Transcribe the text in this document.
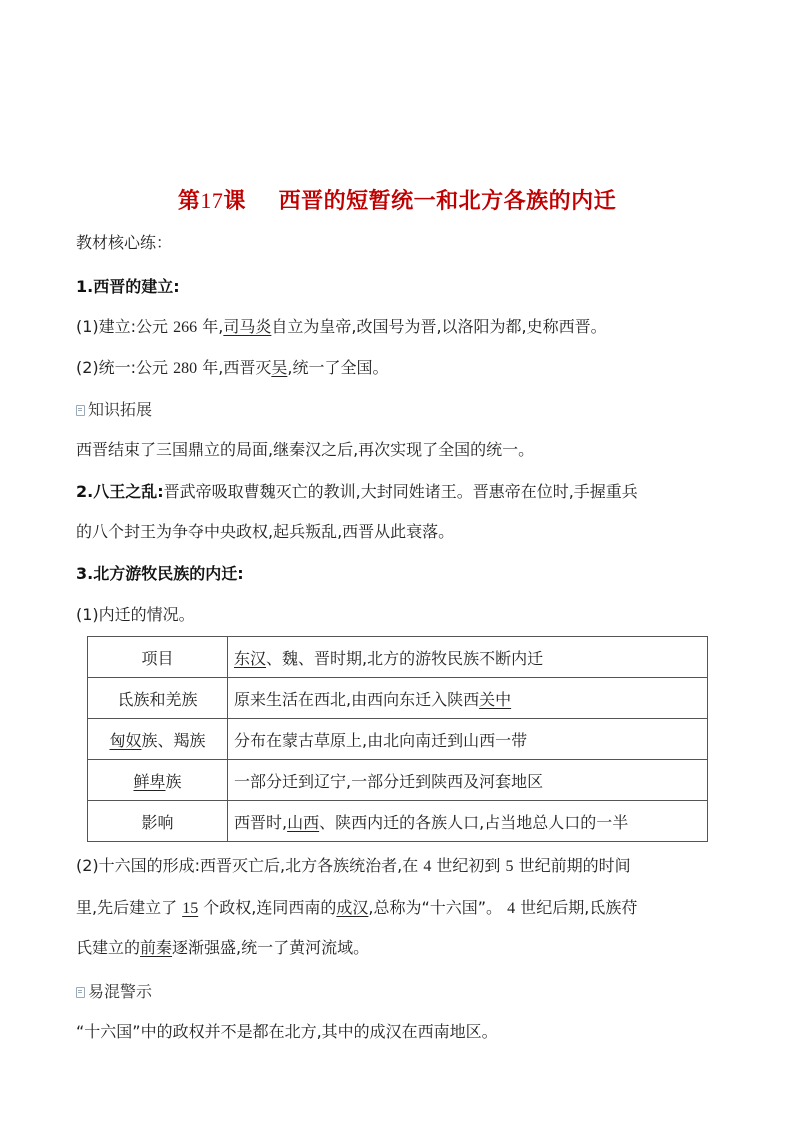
第17课 西晋的短暂统一和北方各族的内迁
教材核心练：
1.西晋的建立:
(1)建立:公元 266 年,司马炎自立为皇帝,改国号为晋,以洛阳为都,史称西晋。
(2)统一:公元 280 年,西晋灭吴,统一了全国。
知识拓展
西晋结束了三国鼎立的局面,继秦汉之后,再次实现了全国的统一。
2.八王之乱:晋武帝吸取曹魏灭亡的教训,大封同姓诸王。晋惠帝在位时,手握重兵
的八个封王为争夺中央政权,起兵叛乱,西晋从此衰落。
3.北方游牧民族的内迁:
(1)内迁的情况。
项目	东汉、魏、晋时期,北方的游牧民族不断内迁
氐族和羌族	原来生活在西北,由西向东迁入陕西关中
匈奴族、羯族	分布在蒙古草原上,由北向南迁到山西一带
鲜卑族	一部分迁到辽宁,一部分迁到陕西及河套地区
影响	西晋时,山西、陕西内迁的各族人口,占当地总人口的一半
(2)十六国的形成:西晋灭亡后,北方各族统治者,在 4 世纪初到 5 世纪前期的时间
里,先后建立了 15 个政权,连同西南的成汉,总称为“十六国”。 4 世纪后期,氐族苻
氏建立的前秦逐渐强盛,统一了黄河流域。
易混警示
“十六国”中的政权并不是都在北方,其中的成汉在西南地区。
